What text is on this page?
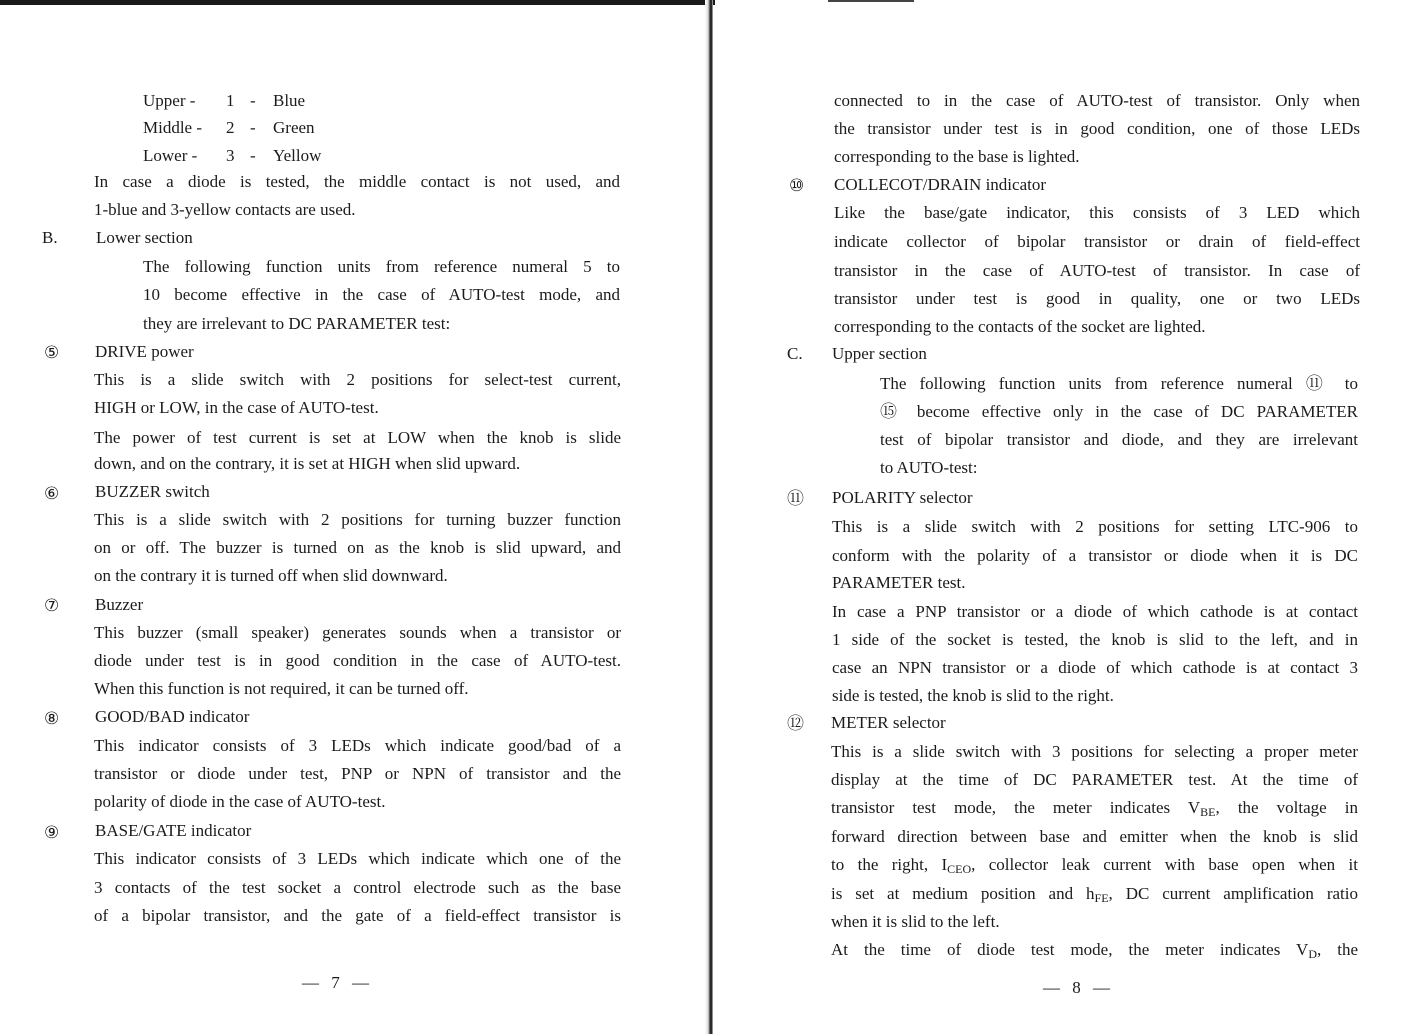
Upper - 1 - Blue
Middle - 2 - Green
Lower - 3 - Yellow
In case a diode is tested, the middle contact is not used, and
1-blue and 3-yellow contacts are used.
B. Lower section
The following function units from reference numeral 5 to
10 become effective in the case of AUTO-test mode, and
they are irrelevant to DC PARAMETER test:
⑤ DRIVE power
This is a slide switch with 2 positions for select-test current,
HIGH or LOW, in the case of AUTO-test.
The power of test current is set at LOW when the knob is slide
down, and on the contrary, it is set at HIGH when slid upward.
⑥ BUZZER switch
This is a slide switch with 2 positions for turning buzzer function
on or off. The buzzer is turned on as the knob is slid upward, and
on the contrary it is turned off when slid downward.
⑦ Buzzer
This buzzer (small speaker) generates sounds when a transistor or
diode under test is in good condition in the case of AUTO-test.
When this function is not required, it can be turned off.
⑧ GOOD/BAD indicator
This indicator consists of 3 LEDs which indicate good/bad of a
transistor or diode under test, PNP or NPN of transistor and the
polarity of diode in the case of AUTO-test.
⑨ BASE/GATE indicator
This indicator consists of 3 LEDs which indicate which one of the
3 contacts of the test socket a control electrode such as the base
of a bipolar transistor, and the gate of a field-effect transistor is
— 7 —
connected to in the case of AUTO-test of transistor. Only when
the transistor under test is in good condition, one of those LEDs
corresponding to the base is lighted.
⑩ COLLECOT/DRAIN indicator
Like the base/gate indicator, this consists of 3 LED which
indicate collector of bipolar transistor or drain of field-effect
transistor in the case of AUTO-test of transistor. In case of
transistor under test is good in quality, one or two LEDs
corresponding to the contacts of the socket are lighted.
C. Upper section
The following function units from reference numeral ⑪ to
⑮ become effective only in the case of DC PARAMETER
test of bipolar transistor and diode, and they are irrelevant
to AUTO-test:
⑪ POLARITY selector
This is a slide switch with 2 positions for setting LTC-906 to
conform with the polarity of a transistor or diode when it is DC
PARAMETER test.
In case a PNP transistor or a diode of which cathode is at contact
1 side of the socket is tested, the knob is slid to the left, and in
case an NPN transistor or a diode of which cathode is at contact 3
side is tested, the knob is slid to the right.
⑫ METER selector
This is a slide switch with 3 positions for selecting a proper meter
display at the time of DC PARAMETER test. At the time of
transistor test mode, the meter indicates $V_{BE}$, the voltage in
forward direction between base and emitter when the knob is slid
to the right, $I_{CEO}$, collector leak current with base open when it
is set at medium position and $h_{FE}$, DC current amplification ratio
when it is slid to the left.
At the time of diode test mode, the meter indicates $V_D$, the
— 8 —
